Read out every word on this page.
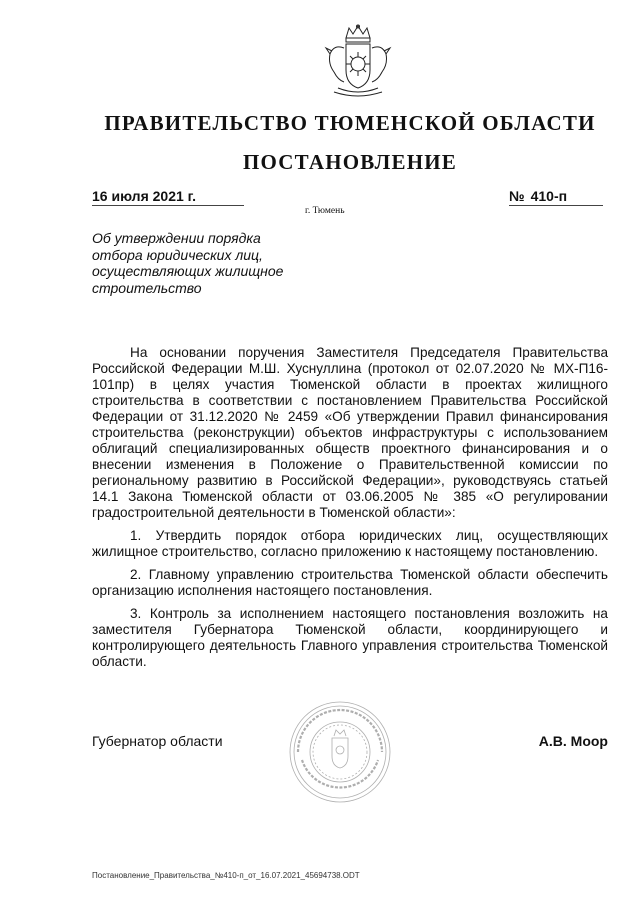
ПРАВИТЕЛЬСТВО ТЮМЕНСКОЙ ОБЛАСТИ
ПОСТАНОВЛЕНИЕ
16 июля 2021 г.	№ 410-п
г. Тюмень
Об утверждении порядка
отбора юридических лиц,
осуществляющих жилищное
строительство

На основании поручения Заместителя Председателя Правительства Российской Федерации М.Ш. Хуснуллина (протокол от 02.07.2020 № МХ-П16-101пр) в целях участия Тюменской области в проектах жилищного строительства в соответствии с постановлением Правительства Российской Федерации от 31.12.2020 № 2459 «Об утверждении Правил финансирования строительства (реконструкции) объектов инфраструктуры с использованием облигаций специализированных обществ проектного финансирования и о внесении изменения в Положение о Правительственной комиссии по региональному развитию в Российской Федерации», руководствуясь статьей 14.1 Закона Тюменской области от 03.06.2005 № 385 «О регулировании градостроительной деятельности в Тюменской области»:

1. Утвердить порядок отбора юридических лиц, осуществляющих жилищное строительство, согласно приложению к настоящему постановлению.

2. Главному управлению строительства Тюменской области обеспечить организацию исполнения настоящего постановления.

3. Контроль за исполнением настоящего постановления возложить на заместителя Губернатора Тюменской области, координирующего и контролирующего деятельность Главного управления строительства Тюменской области.

Губернатор области	А.В. Моор
Постановление_Правительства_№410-п_от_16.07.2021_45694738.ODT
